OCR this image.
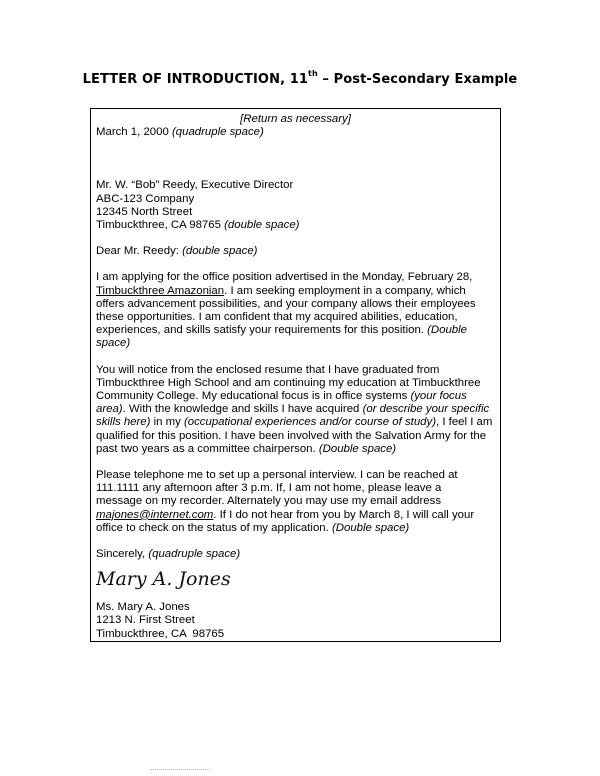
LETTER OF INTRODUCTION, 11th – Post-Secondary Example
[Return as necessary]
March 1, 2000 (quadruple space)
Mr. W. “Bob” Reedy, Executive Director
ABC-123 Company
12345 North Street
Timbuckthree, CA 98765 (double space)
Dear Mr. Reedy: (double space)
I am applying for the office position advertised in the Monday, February 28,
Timbuckthree Amazonian. I am seeking employment in a company, which
offers advancement possibilities, and your company allows their employees
these opportunities. I am confident that my acquired abilities, education,
experiences, and skills satisfy your requirements for this position. (Double
space)
You will notice from the enclosed resume that I have graduated from
Timbuckthree High School and am continuing my education at Timbuckthree
Community College. My educational focus is in office systems (your focus
area). With the knowledge and skills I have acquired (or describe your specific
skills here) in my (occupational experiences and/or course of study), I feel I am
qualified for this position. I have been involved with the Salvation Army for the
past two years as a committee chairperson. (Double space)
Please telephone me to set up a personal interview. I can be reached at
111.1111 any afternoon after 3 p.m. If, I am not home, please leave a
message on my recorder. Alternately you may use my email address
majones@internet.com. If I do not hear from you by March 8, I will call your
office to check on the status of my application. (Double space)
Sincerely, (quadruple space)
Mary A. Jones
Ms. Mary A. Jones
1213 N. First Street
Timbuckthree, CA  98765
